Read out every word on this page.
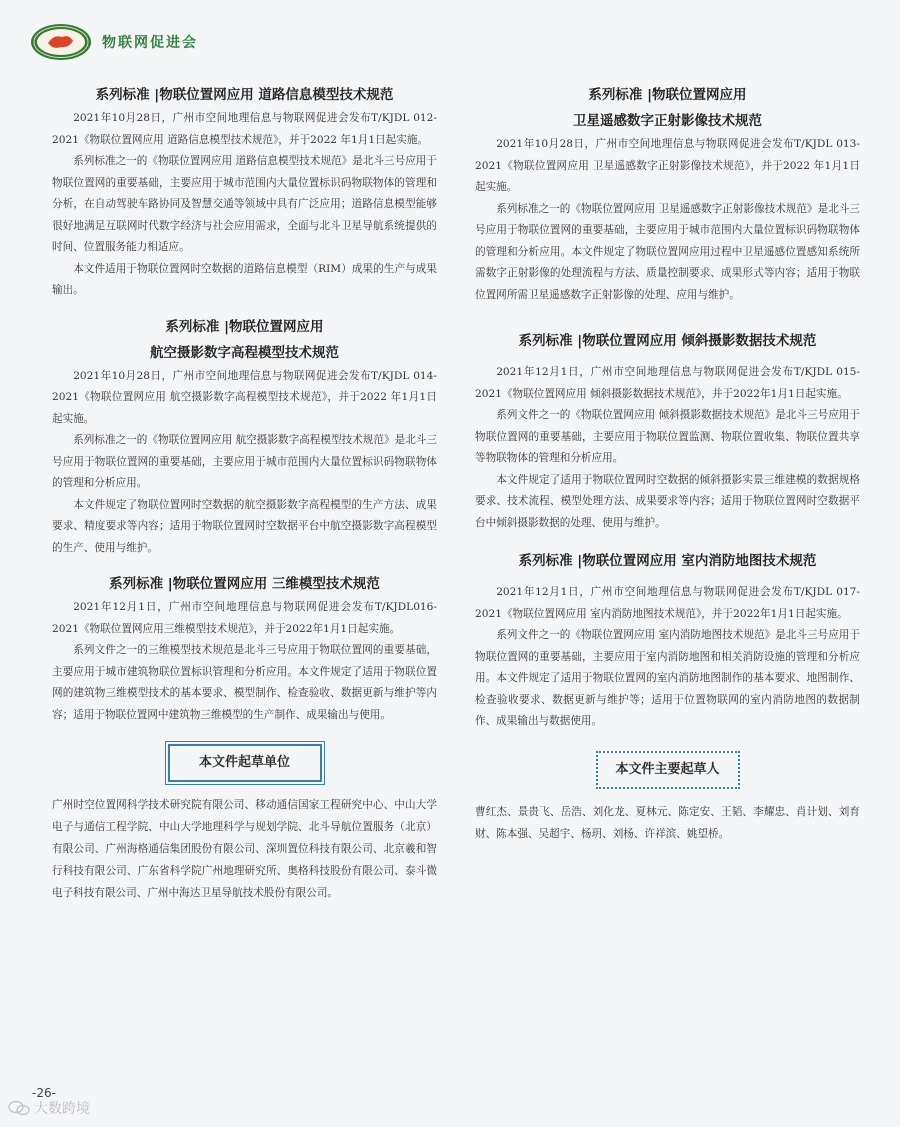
物联网促进会
系列标准 |物联位置网应用 道路信息模型技术规范

2021年10月28日，广州市空间地理信息与物联网促进会发布T/KJDL 012-2021《物联位置网应用 道路信息模型技术规范》，并于2022 年1月1日起实施。

系列标准之一的《物联位置网应用 道路信息模型技术规范》是北斗三号应用于物联位置网的重要基础，主要应用于城市范围内大量位置标识码物联物体的管理和分析，在自动驾驶车路协同及智慧交通等领域中具有广泛应用；道路信息模型能够很好地满足互联网时代数字经济与社会应用需求，全面与北斗卫星导航系统提供的时间、位置服务能力相适应。

本文件适用于物联位置网时空数据的道路信息模型（RIM）成果的生产与成果输出。

系列标准 |物联位置网应用
航空摄影数字高程模型技术规范

2021年10月28日，广州市空间地理信息与物联网促进会发布T/KJDL 014-2021《物联位置网应用 航空摄影数字高程模型技术规范》，并于2022 年1月1日起实施。

系列标准之一的《物联位置网应用 航空摄影数字高程模型技术规范》是北斗三号应用于物联位置网的重要基础，主要应用于城市范围内大量位置标识码物联物体的管理和分析应用。

本文件规定了物联位置网时空数据的航空摄影数字高程模型的生产方法、成果要求、精度要求等内容；适用于物联位置网时空数据平台中航空摄影数字高程模型的生产、使用与维护。

系列标准 |物联位置网应用 三维模型技术规范

2021年12月1日，广州市空间地理信息与物联网促进会发布T/KJDL016-2021《物联位置网应用三维模型技术规范》，并于2022年1月1日起实施。

系列文件之一的三维模型技术规范是北斗三号应用于物联位置网的重要基础，主要应用于城市建筑物联位置标识管理和分析应用。本文件规定了适用于物联位置网的建筑物三维模型技术的基本要求、模型制作、检查验收、数据更新与维护等内容；适用于物联位置网中建筑物三维模型的生产制作、成果输出与使用。

本文件起草单位

广州时空位置网科学技术研究院有限公司、移动通信国家工程研究中心、中山大学电子与通信工程学院、中山大学地理科学与规划学院、北斗导航位置服务（北京）有限公司、广州海格通信集团股份有限公司、深圳置位科技有限公司、北京羲和智行科技有限公司、广东省科学院广州地理研究所、奥格科技股份有限公司、泰斗微电子科技有限公司、广州中海达卫星导航技术股份有限公司。

系列标准 |物联位置网应用
卫星遥感数字正射影像技术规范

2021年10月28日，广州市空间地理信息与物联网促进会发布T/KJDL 013-2021《物联位置网应用 卫星遥感数字正射影像技术规范》，并于2022 年1月1日起实施。

系列标准之一的《物联位置网应用 卫星遥感数字正射影像技术规范》是北斗三号应用于物联位置网的重要基础，主要应用于城市范围内大量位置标识码物联物体的管理和分析应用。本文件规定了物联位置网应用过程中卫星遥感位置感知系统所需数字正射影像的处理流程与方法、质量控制要求、成果形式等内容；适用于物联位置网所需卫星遥感数字正射影像的处理、应用与维护。

系列标准 |物联位置网应用 倾斜摄影数据技术规范

2021年12月1日，广州市空间地理信息与物联网促进会发布T/KJDL 015-2021《物联位置网应用 倾斜摄影数据技术规范》，并于2022年1月1日起实施。

系列文件之一的《物联位置网应用 倾斜摄影数据技术规范》是北斗三号应用于物联位置网的重要基础，主要应用于物联位置监测、物联位置收集、物联位置共享等物联物体的管理和分析应用。

本文件规定了适用于物联位置网时空数据的倾斜摄影实景三维建模的数据规格要求、技术流程、模型处理方法、成果要求等内容；适用于物联位置网时空数据平台中倾斜摄影数据的处理、使用与维护。

系列标准 |物联位置网应用 室内消防地图技术规范

2021年12月1日，广州市空间地理信息与物联网促进会发布T/KJDL 017-2021《物联位置网应用 室内消防地图技术规范》，并于2022年1月1日起实施。

系列文件之一的《物联位置网应用 室内消防地图技术规范》是北斗三号应用于物联位置网的重要基础，主要应用于室内消防地图和相关消防设施的管理和分析应用。本文件规定了适用于物联位置网的室内消防地图制作的基本要求、地图制作、检查验收要求、数据更新与维护等；适用于位置物联网的室内消防地图的数据制作、成果输出与数据使用。

本文件主要起草人

曹红杰、景贵飞、岳浩、刘化龙、夏林元、陈定安、王韬、李耀忠、肖计划、刘育财、陈本强、吴超宇、杨玥、刘杨、许祥滨、姚望桥。

-26-
大数跨境
